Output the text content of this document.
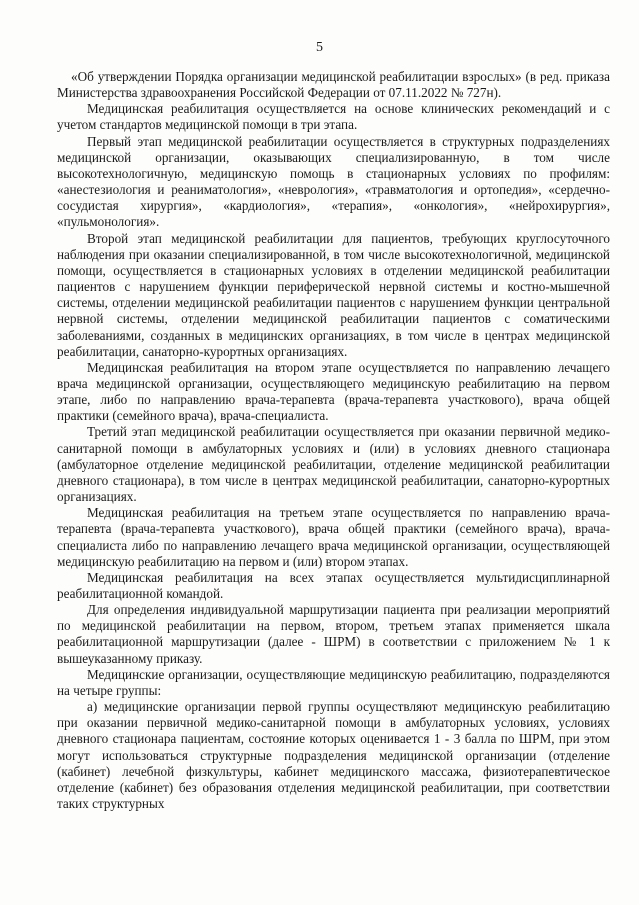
5

«Об утверждении Порядка организации медицинской реабилитации взрослых» (в ред. приказа Министерства здравоохранения Российской Федерации от 07.11.2022 № 727н).

Медицинская реабилитация осуществляется на основе клинических рекомендаций и с учетом стандартов медицинской помощи в три этапа.

Первый этап медицинской реабилитации осуществляется в структурных подразделениях медицинской организации, оказывающих специализированную, в том числе высокотехнологичную, медицинскую помощь в стационарных условиях по профилям: «анестезиология и реаниматология», «неврология», «травматология и ортопедия», «сердечно-сосудистая хирургия», «кардиология», «терапия», «онкология», «нейрохирургия», «пульмонология».

Второй этап медицинской реабилитации для пациентов, требующих круглосуточного наблюдения при оказании специализированной, в том числе высокотехнологичной, медицинской помощи, осуществляется в стационарных условиях в отделении медицинской реабилитации пациентов с нарушением функции периферической нервной системы и костно-мышечной системы, отделении медицинской реабилитации пациентов с нарушением функции центральной нервной системы, отделении медицинской реабилитации пациентов с соматическими заболеваниями, созданных в медицинских организациях, в том числе в центрах медицинской реабилитации, санаторно-курортных организациях.

Медицинская реабилитация на втором этапе осуществляется по направлению лечащего врача медицинской организации, осуществляющего медицинскую реабилитацию на первом этапе, либо по направлению врача-терапевта (врача-терапевта участкового), врача общей практики (семейного врача), врача-специалиста.

Третий этап медицинской реабилитации осуществляется при оказании первичной медико-санитарной помощи в амбулаторных условиях и (или) в условиях дневного стационара (амбулаторное отделение медицинской реабилитации, отделение медицинской реабилитации дневного стационара), в том числе в центрах медицинской реабилитации, санаторно-курортных организациях.

Медицинская реабилитация на третьем этапе осуществляется по направлению врача-терапевта (врача-терапевта участкового), врача общей практики (семейного врача), врача-специалиста либо по направлению лечащего врача медицинской организации, осуществляющей медицинскую реабилитацию на первом и (или) втором этапах.

Медицинская реабилитация на всех этапах осуществляется мультидисциплинарной реабилитационной командой.

Для определения индивидуальной маршрутизации пациента при реализации мероприятий по медицинской реабилитации на первом, втором, третьем этапах применяется шкала реабилитационной маршрутизации (далее - ШРМ) в соответствии с приложением № 1 к вышеуказанному приказу.

Медицинские организации, осуществляющие медицинскую реабилитацию, подразделяются на четыре группы:

а) медицинские организации первой группы осуществляют медицинскую реабилитацию при оказании первичной медико-санитарной помощи в амбулаторных условиях, условиях дневного стационара пациентам, состояние которых оценивается 1 - 3 балла по ШРМ, при этом могут использоваться структурные подразделения медицинской организации (отделение (кабинет) лечебной физкультуры, кабинет медицинского массажа, физиотерапевтическое отделение (кабинет) без образования отделения медицинской реабилитации, при соответствии таких структурных
